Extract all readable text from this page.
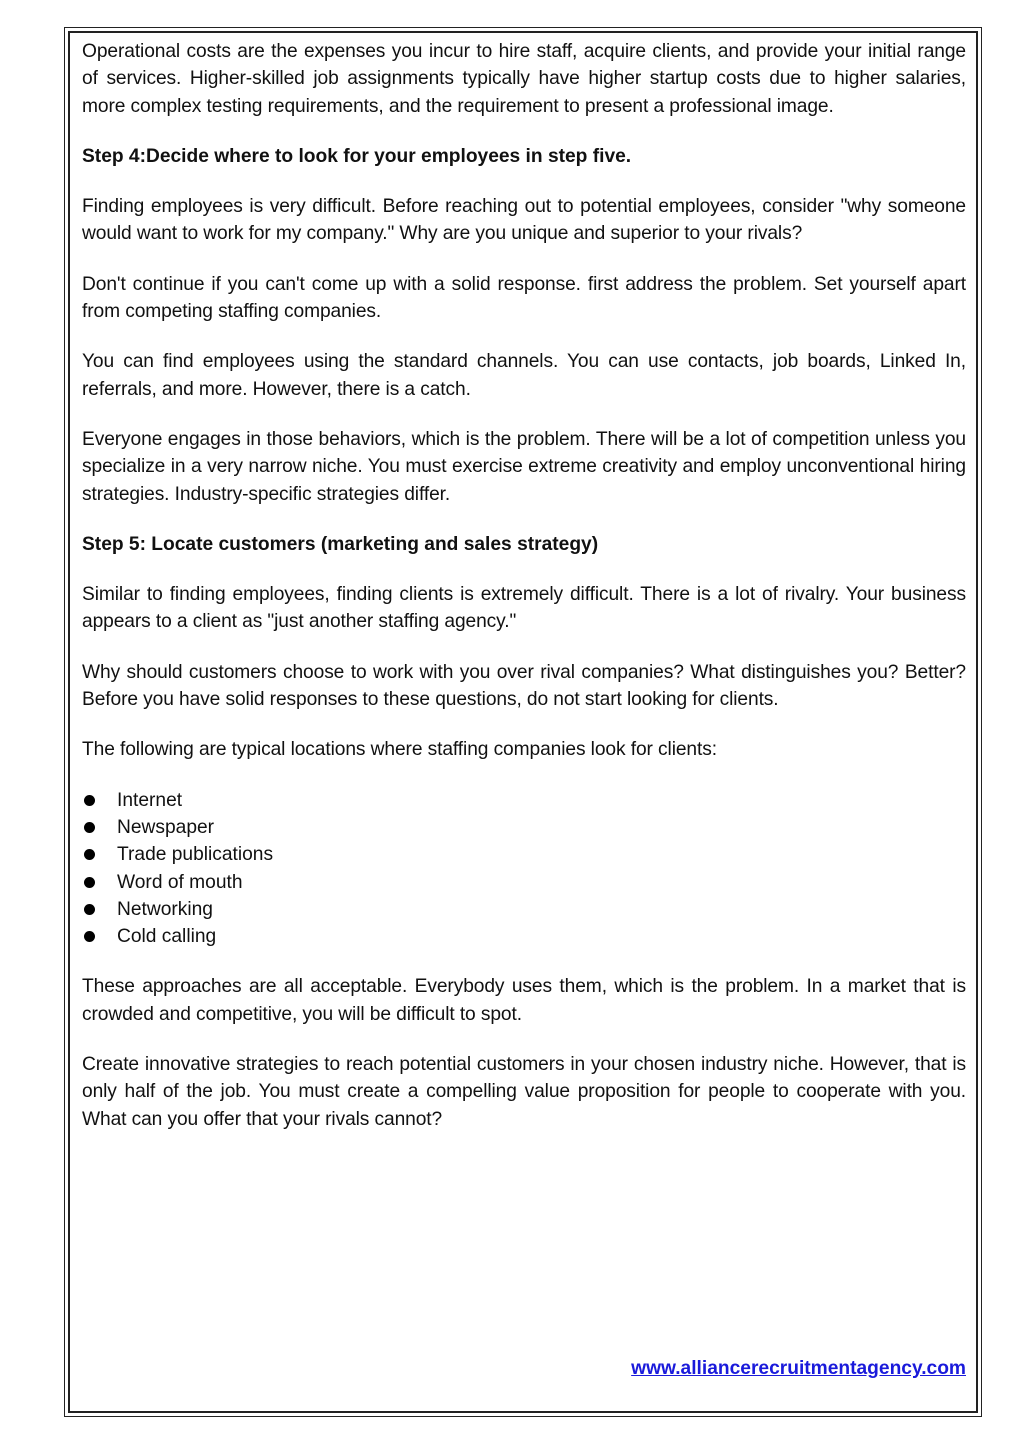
Operational costs are the expenses you incur to hire staff, acquire clients, and provide your initial range of services. Higher-skilled job assignments typically have higher startup costs due to higher salaries, more complex testing requirements, and the requirement to present a professional image.

Step 4:Decide where to look for your employees in step five.

Finding employees is very difficult. Before reaching out to potential employees, consider "why someone would want to work for my company." Why are you unique and superior to your rivals?

Don't continue if you can't come up with a solid response. first address the problem. Set yourself apart from competing staffing companies.

You can find employees using the standard channels. You can use contacts, job boards, Linked In, referrals, and more. However, there is a catch.

Everyone engages in those behaviors, which is the problem. There will be a lot of competition unless you specialize in a very narrow niche. You must exercise extreme creativity and employ unconventional hiring strategies. Industry-specific strategies differ.

Step 5: Locate customers (marketing and sales strategy)

Similar to finding employees, finding clients is extremely difficult. There is a lot of rivalry. Your business appears to a client as "just another staffing agency."

Why should customers choose to work with you over rival companies? What distinguishes you? Better? Before you have solid responses to these questions, do not start looking for clients.

The following are typical locations where staffing companies look for clients:

Internet
Newspaper
Trade publications
Word of mouth
Networking
Cold calling

These approaches are all acceptable. Everybody uses them, which is the problem. In a market that is crowded and competitive, you will be difficult to spot.

Create innovative strategies to reach potential customers in your chosen industry niche. However, that is only half of the job. You must create a compelling value proposition for people to cooperate with you. What can you offer that your rivals cannot?

www.alliancerecruitmentagency.com
